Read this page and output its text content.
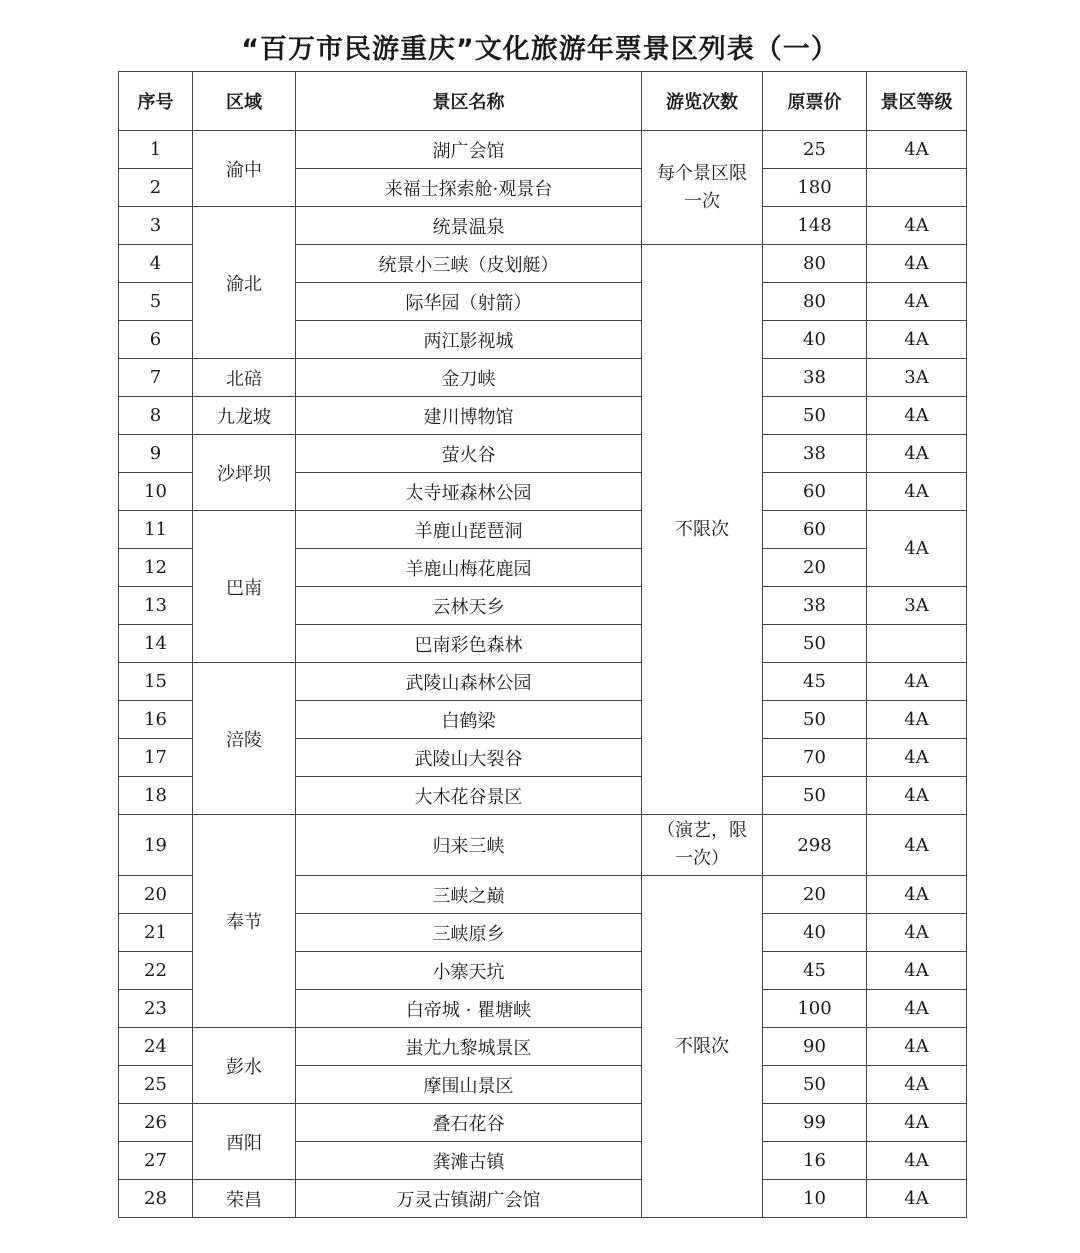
“百万市民游重庆”文化旅游年票景区列表（一）
序号	区域	景区名称	游览次数	原票价	景区等级
1	渝中	湖广会馆	每个景区限一次	25	4A
2		来福士探索舱·观景台		180	
3	渝北	统景温泉		148	4A
4		统景小三峡（皮划艇）	不限次	80	4A
5		际华园（射箭）		80	4A
6		两江影视城		40	4A
7	北碚	金刀峡		38	3A
8	九龙坡	建川博物馆		50	4A
9	沙坪坝	萤火谷		38	4A
10		太寺垭森林公园		60	4A
11	巴南	羊鹿山琵琶洞		60	4A
12		羊鹿山梅花鹿园		20	
13		云林天乡		38	3A
14		巴南彩色森林		50	
15	涪陵	武陵山森林公园		45	4A
16		白鹤梁		50	4A
17		武陵山大裂谷		70	4A
18		大木花谷景区		50	4A
19	奉节	归来三峡	（演艺，限一次）	298	4A
20		三峡之巅	不限次	20	4A
21		三峡原乡		40	4A
22		小寨天坑		45	4A
23		白帝城 · 瞿塘峡		100	4A
24	彭水	蚩尤九黎城景区		90	4A
25		摩围山景区		50	4A
26	酉阳	叠石花谷		99	4A
27		龚滩古镇		16	4A
28	荣昌	万灵古镇湖广会馆		10	4A
